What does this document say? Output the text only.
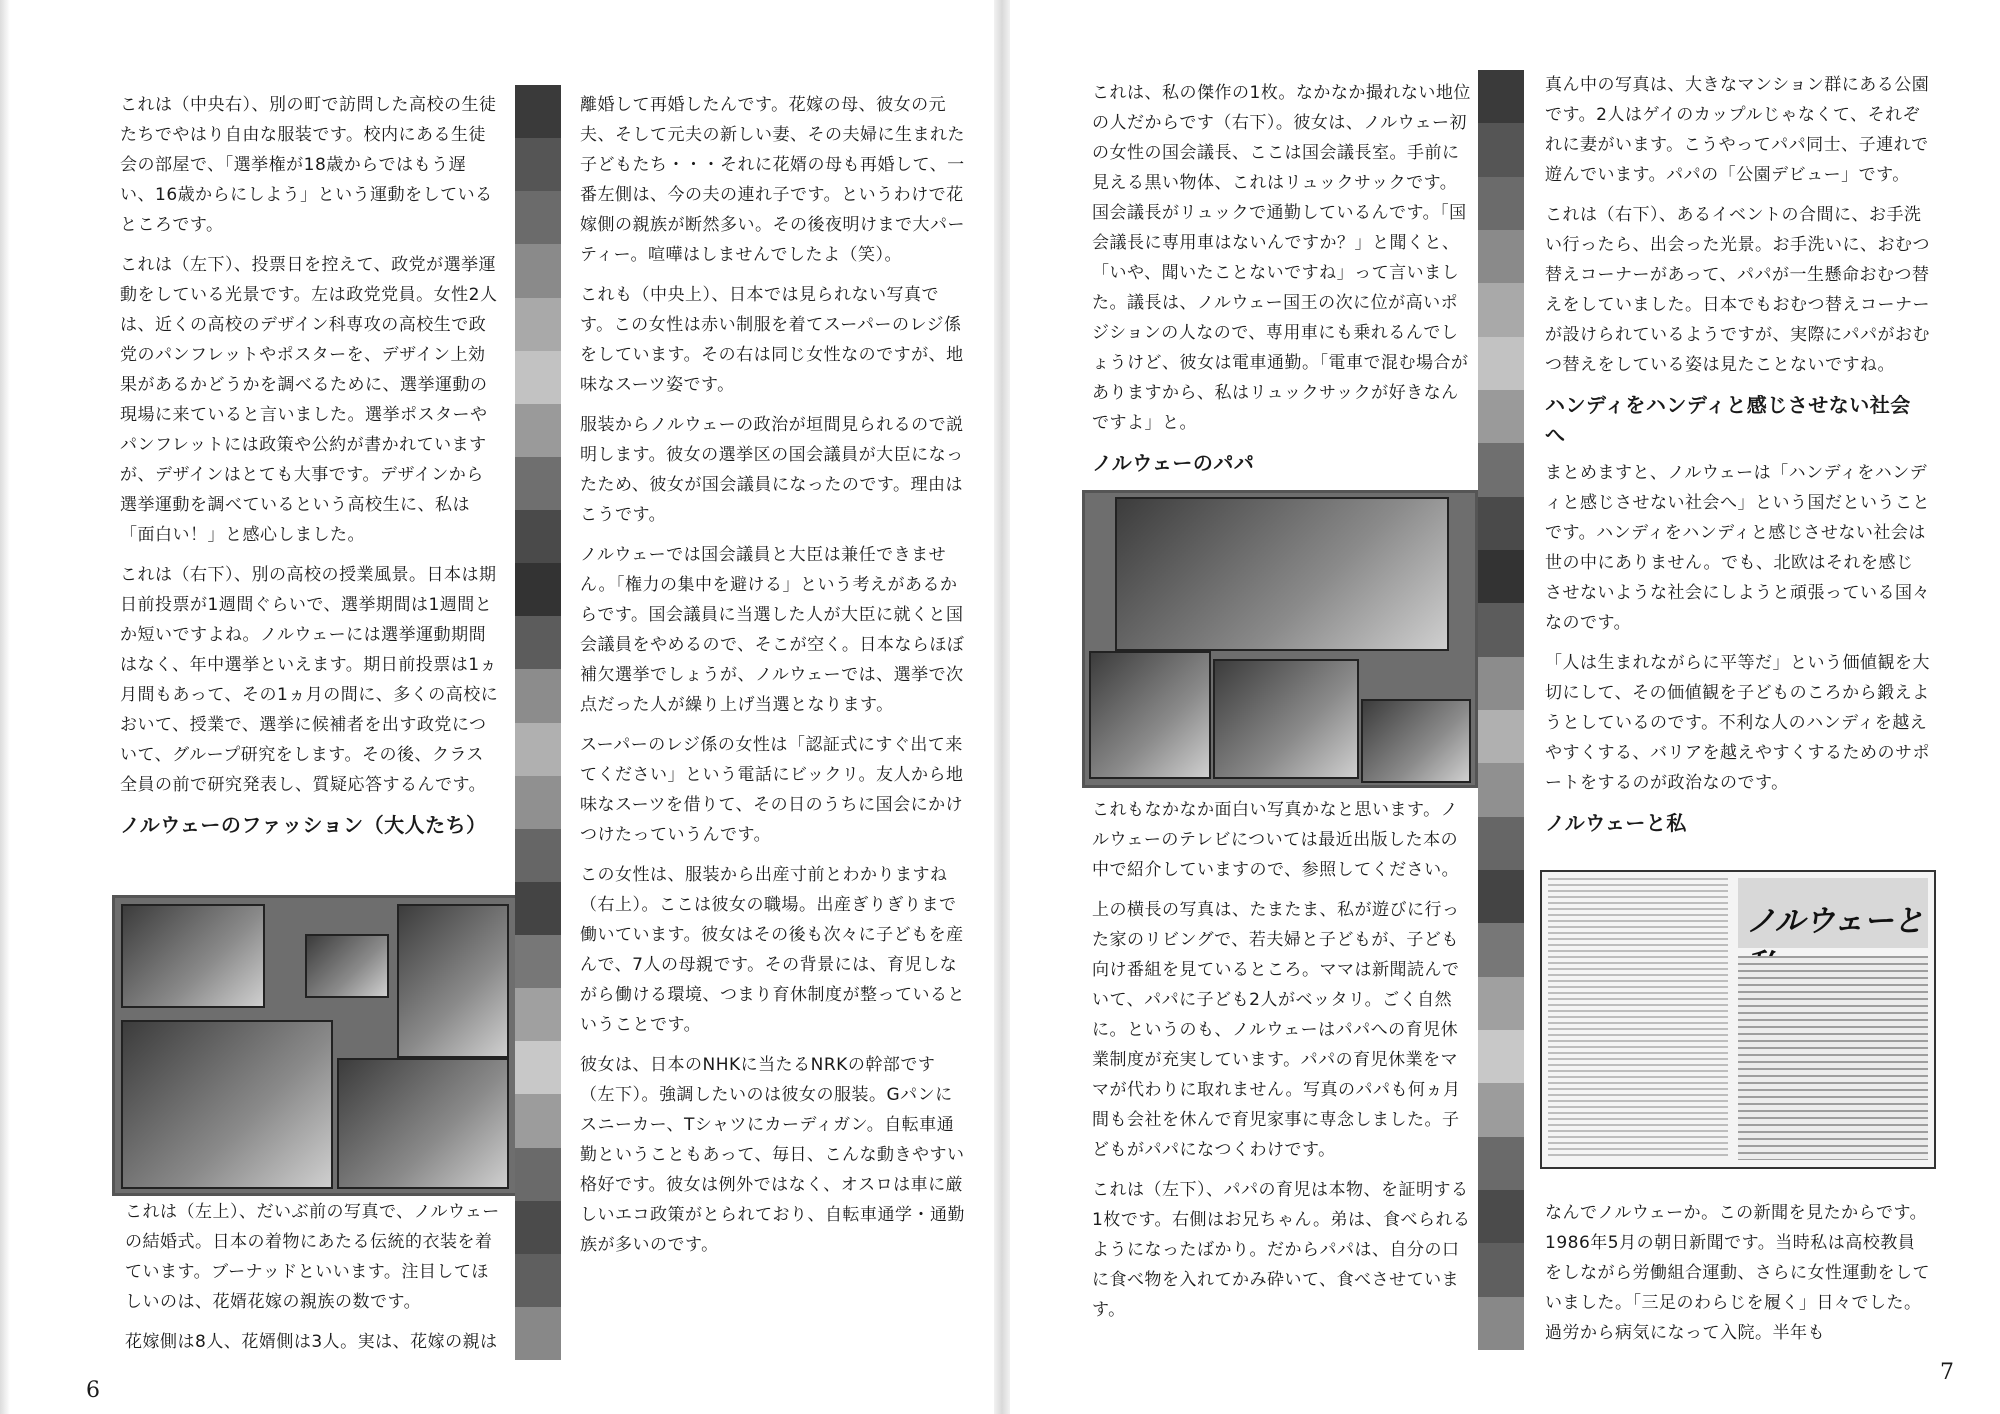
これは（中央右）、別の町で訪問した高校の生徒たちでやはり自由な服装です。校内にある生徒会の部屋で、「選挙権が18歳からではもう遅い、16歳からにしよう」という運動をしているところです。

これは（左下）、投票日を控えて、政党が選挙運動をしている光景です。左は政党党員。女性2人は、近くの高校のデザイン科専攻の高校生で政党のパンフレットやポスターを、デザイン上効果があるかどうかを調べるために、選挙運動の現場に来ていると言いました。選挙ポスターやパンフレットには政策や公約が書かれていますが、デザインはとても大事です。デザインから選挙運動を調べているという高校生に、私は「面白い！」と感心しました。

これは（右下）、別の高校の授業風景。日本は期日前投票が1週間ぐらいで、選挙期間は1週間とか短いですよね。ノルウェーには選挙運動期間はなく、年中選挙といえます。期日前投票は1ヵ月間もあって、その1ヵ月の間に、多くの高校において、授業で、選挙に候補者を出す政党について、グループ研究をします。その後、クラス全員の前で研究発表し、質疑応答するんです。

ノルウェーのファッション（大人たち）

これは（左上）、だいぶ前の写真で、ノルウェーの結婚式。日本の着物にあたる伝統的衣装を着ています。ブーナッドといいます。注目してほしいのは、花婿花嫁の親族の数です。

花嫁側は8人、花婿側は3人。実は、花嫁の親は

離婚して再婚したんです。花嫁の母、彼女の元夫、そして元夫の新しい妻、その夫婦に生まれた子どもたち・・・それに花婿の母も再婚して、一番左側は、今の夫の連れ子です。というわけで花嫁側の親族が断然多い。その後夜明けまで大パーティー。喧嘩はしませんでしたよ（笑）。

これも（中央上）、日本では見られない写真です。この女性は赤い制服を着てスーパーのレジ係をしています。その右は同じ女性なのですが、地味なスーツ姿です。

服装からノルウェーの政治が垣間見られるので説明します。彼女の選挙区の国会議員が大臣になったため、彼女が国会議員になったのです。理由はこうです。

ノルウェーでは国会議員と大臣は兼任できません。「権力の集中を避ける」という考えがあるからです。国会議員に当選した人が大臣に就くと国会議員をやめるので、そこが空く。日本ならほぼ補欠選挙でしょうが、ノルウェーでは、選挙で次点だった人が繰り上げ当選となります。

スーパーのレジ係の女性は「認証式にすぐ出て来てください」という電話にビックリ。友人から地味なスーツを借りて、その日のうちに国会にかけつけたっていうんです。

この女性は、服装から出産寸前とわかりますね（右上）。ここは彼女の職場。出産ぎりぎりまで働いています。彼女はその後も次々に子どもを産んで、7人の母親です。その背景には、育児しながら働ける環境、つまり育休制度が整っているということです。

彼女は、日本のNHKに当たるNRKの幹部です（左下）。強調したいのは彼女の服装。Gパンにスニーカー、Tシャツにカーディガン。自転車通勤ということもあって、毎日、こんな動きやすい格好です。彼女は例外ではなく、オスロは車に厳しいエコ政策がとられており、自転車通学・通勤族が多いのです。

6

これは、私の傑作の1枚。なかなか撮れない地位の人だからです（右下）。彼女は、ノルウェー初の女性の国会議長、ここは国会議長室。手前に見える黒い物体、これはリュックサックです。国会議長がリュックで通勤しているんです。「国会議長に専用車はないんですか？」と聞くと、「いや、聞いたことないですね」って言いました。議長は、ノルウェー国王の次に位が高いポジションの人なので、専用車にも乗れるんでしょうけど、彼女は電車通勤。「電車で混む場合がありますから、私はリュックサックが好きなんですよ」と。

ノルウェーのパパ

これもなかなか面白い写真かなと思います。ノルウェーのテレビについては最近出版した本の中で紹介していますので、参照してください。

上の横長の写真は、たまたま、私が遊びに行った家のリビングで、若夫婦と子どもが、子ども向け番組を見ているところ。ママは新聞読んでいて、パパに子ども2人がベッタリ。ごく自然に。というのも、ノルウェーはパパへの育児休業制度が充実しています。パパの育児休業をママが代わりに取れません。写真のパパも何ヵ月間も会社を休んで育児家事に専念しました。子どもがパパになつくわけです。

これは（左下）、パパの育児は本物、を証明する1枚です。右側はお兄ちゃん。弟は、食べられるようになったばかり。だからパパは、自分の口に食べ物を入れてかみ砕いて、食べさせています。

真ん中の写真は、大きなマンション群にある公園です。2人はゲイのカップルじゃなくて、それぞれに妻がいます。こうやってパパ同士、子連れで遊んでいます。パパの「公園デビュー」です。

これは（右下）、あるイベントの合間に、お手洗い行ったら、出会った光景。お手洗いに、おむつ替えコーナーがあって、パパが一生懸命おむつ替えをしていました。日本でもおむつ替えコーナーが設けられているようですが、実際にパパがおむつ替えをしている姿は見たことないですね。

ハンディをハンディと感じさせない社会へ

まとめますと、ノルウェーは「ハンディをハンディと感じさせない社会へ」という国だということです。ハンディをハンディと感じさせない社会は世の中にありません。でも、北欧はそれを感じさせないような社会にしようと頑張っている国々なのです。

「人は生まれながらに平等だ」という価値観を大切にして、その価値観を子どものころから鍛えようとしているのです。不利な人のハンディを越えやすくする、バリアを越えやすくするためのサポートをするのが政治なのです。

ノルウェーと私
ノルウェーと

なんでノルウェーか。この新聞を見たからです。1986年5月の朝日新聞です。当時私は高校教員をしながら労働組合運動、さらに女性運動をしていました。「三足のわらじを履く」日々でした。過労から病気になって入院。半年も

7
